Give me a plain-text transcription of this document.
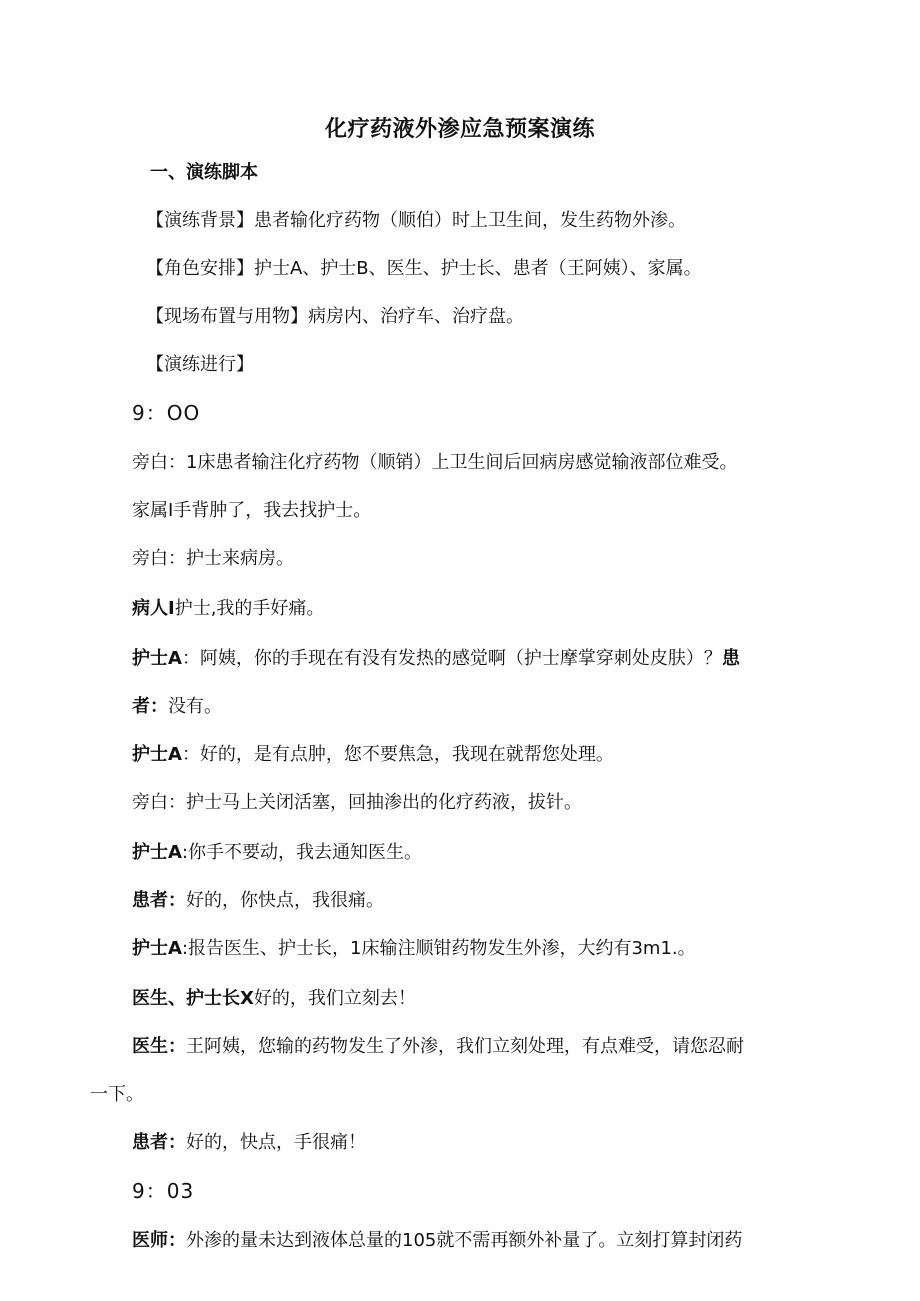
化疗药液外渗应急预案演练
一、演练脚本
【演练背景】患者输化疗药物（顺伯）时上卫生间，发生药物外渗。
【角色安排】护士A、护士B、医生、护士长、患者（王阿姨）、家属。
【现场布置与用物】病房内、治疗车、治疗盘。
【演练进行】
9：OO
旁白：1床患者输注化疗药物（顺销）上卫生间后回病房感觉输液部位难受。
家属I手背肿了，我去找护士。
旁白：护士来病房。
病人I护士,我的手好痛。
护士A：阿姨，你的手现在有没有发热的感觉啊（护士摩掌穿刺处皮肤）？患
者：没有。
护士A：好的，是有点肿，您不要焦急，我现在就帮您处理。
旁白：护士马上关闭活塞，回抽渗出的化疗药液，拔针。
护士A:你手不要动，我去通知医生。
患者：好的，你快点，我很痛。
护士A:报告医生、护士长，1床输注顺钳药物发生外渗，大约有3m1.。
医生、护士长X好的，我们立刻去！
医生：王阿姨，您输的药物发生了外渗，我们立刻处理，有点难受，请您忍耐
一下。
患者：好的，快点，手很痛！
9：03
医师：外渗的量未达到液体总量的105就不需再额外补量了。立刻打算封闭药
